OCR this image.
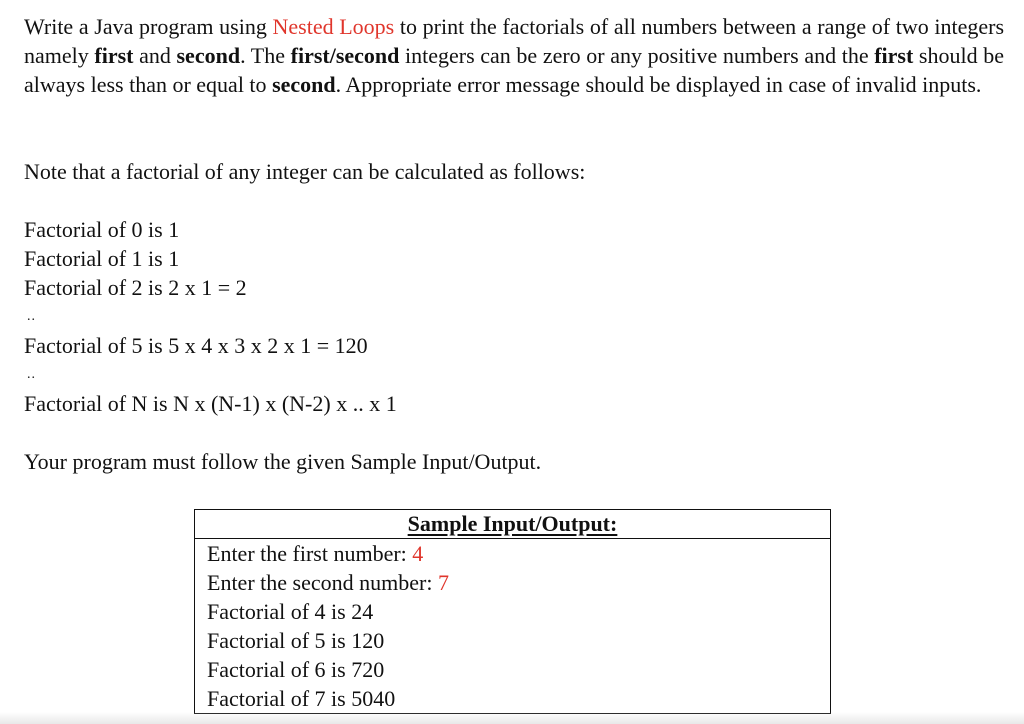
Write a Java program using Nested Loops to print the factorials of all numbers between a range of two integers namely first and second. The first/second integers can be zero or any positive numbers and the first should be always less than or equal to second. Appropriate error message should be displayed in case of invalid inputs.

Note that a factorial of any integer can be calculated as follows:

Factorial of 0 is 1
Factorial of 1 is 1
Factorial of 2 is 2 x 1 = 2
..
Factorial of 5 is 5 x 4 x 3 x 2 x 1 = 120
..
Factorial of N is N x (N-1) x (N-2) x .. x 1

Your program must follow the given Sample Input/Output.

Sample Input/Output:
Enter the first number: 4
Enter the second number: 7
Factorial of 4 is 24
Factorial of 5 is 120
Factorial of 6 is 720
Factorial of 7 is 5040
